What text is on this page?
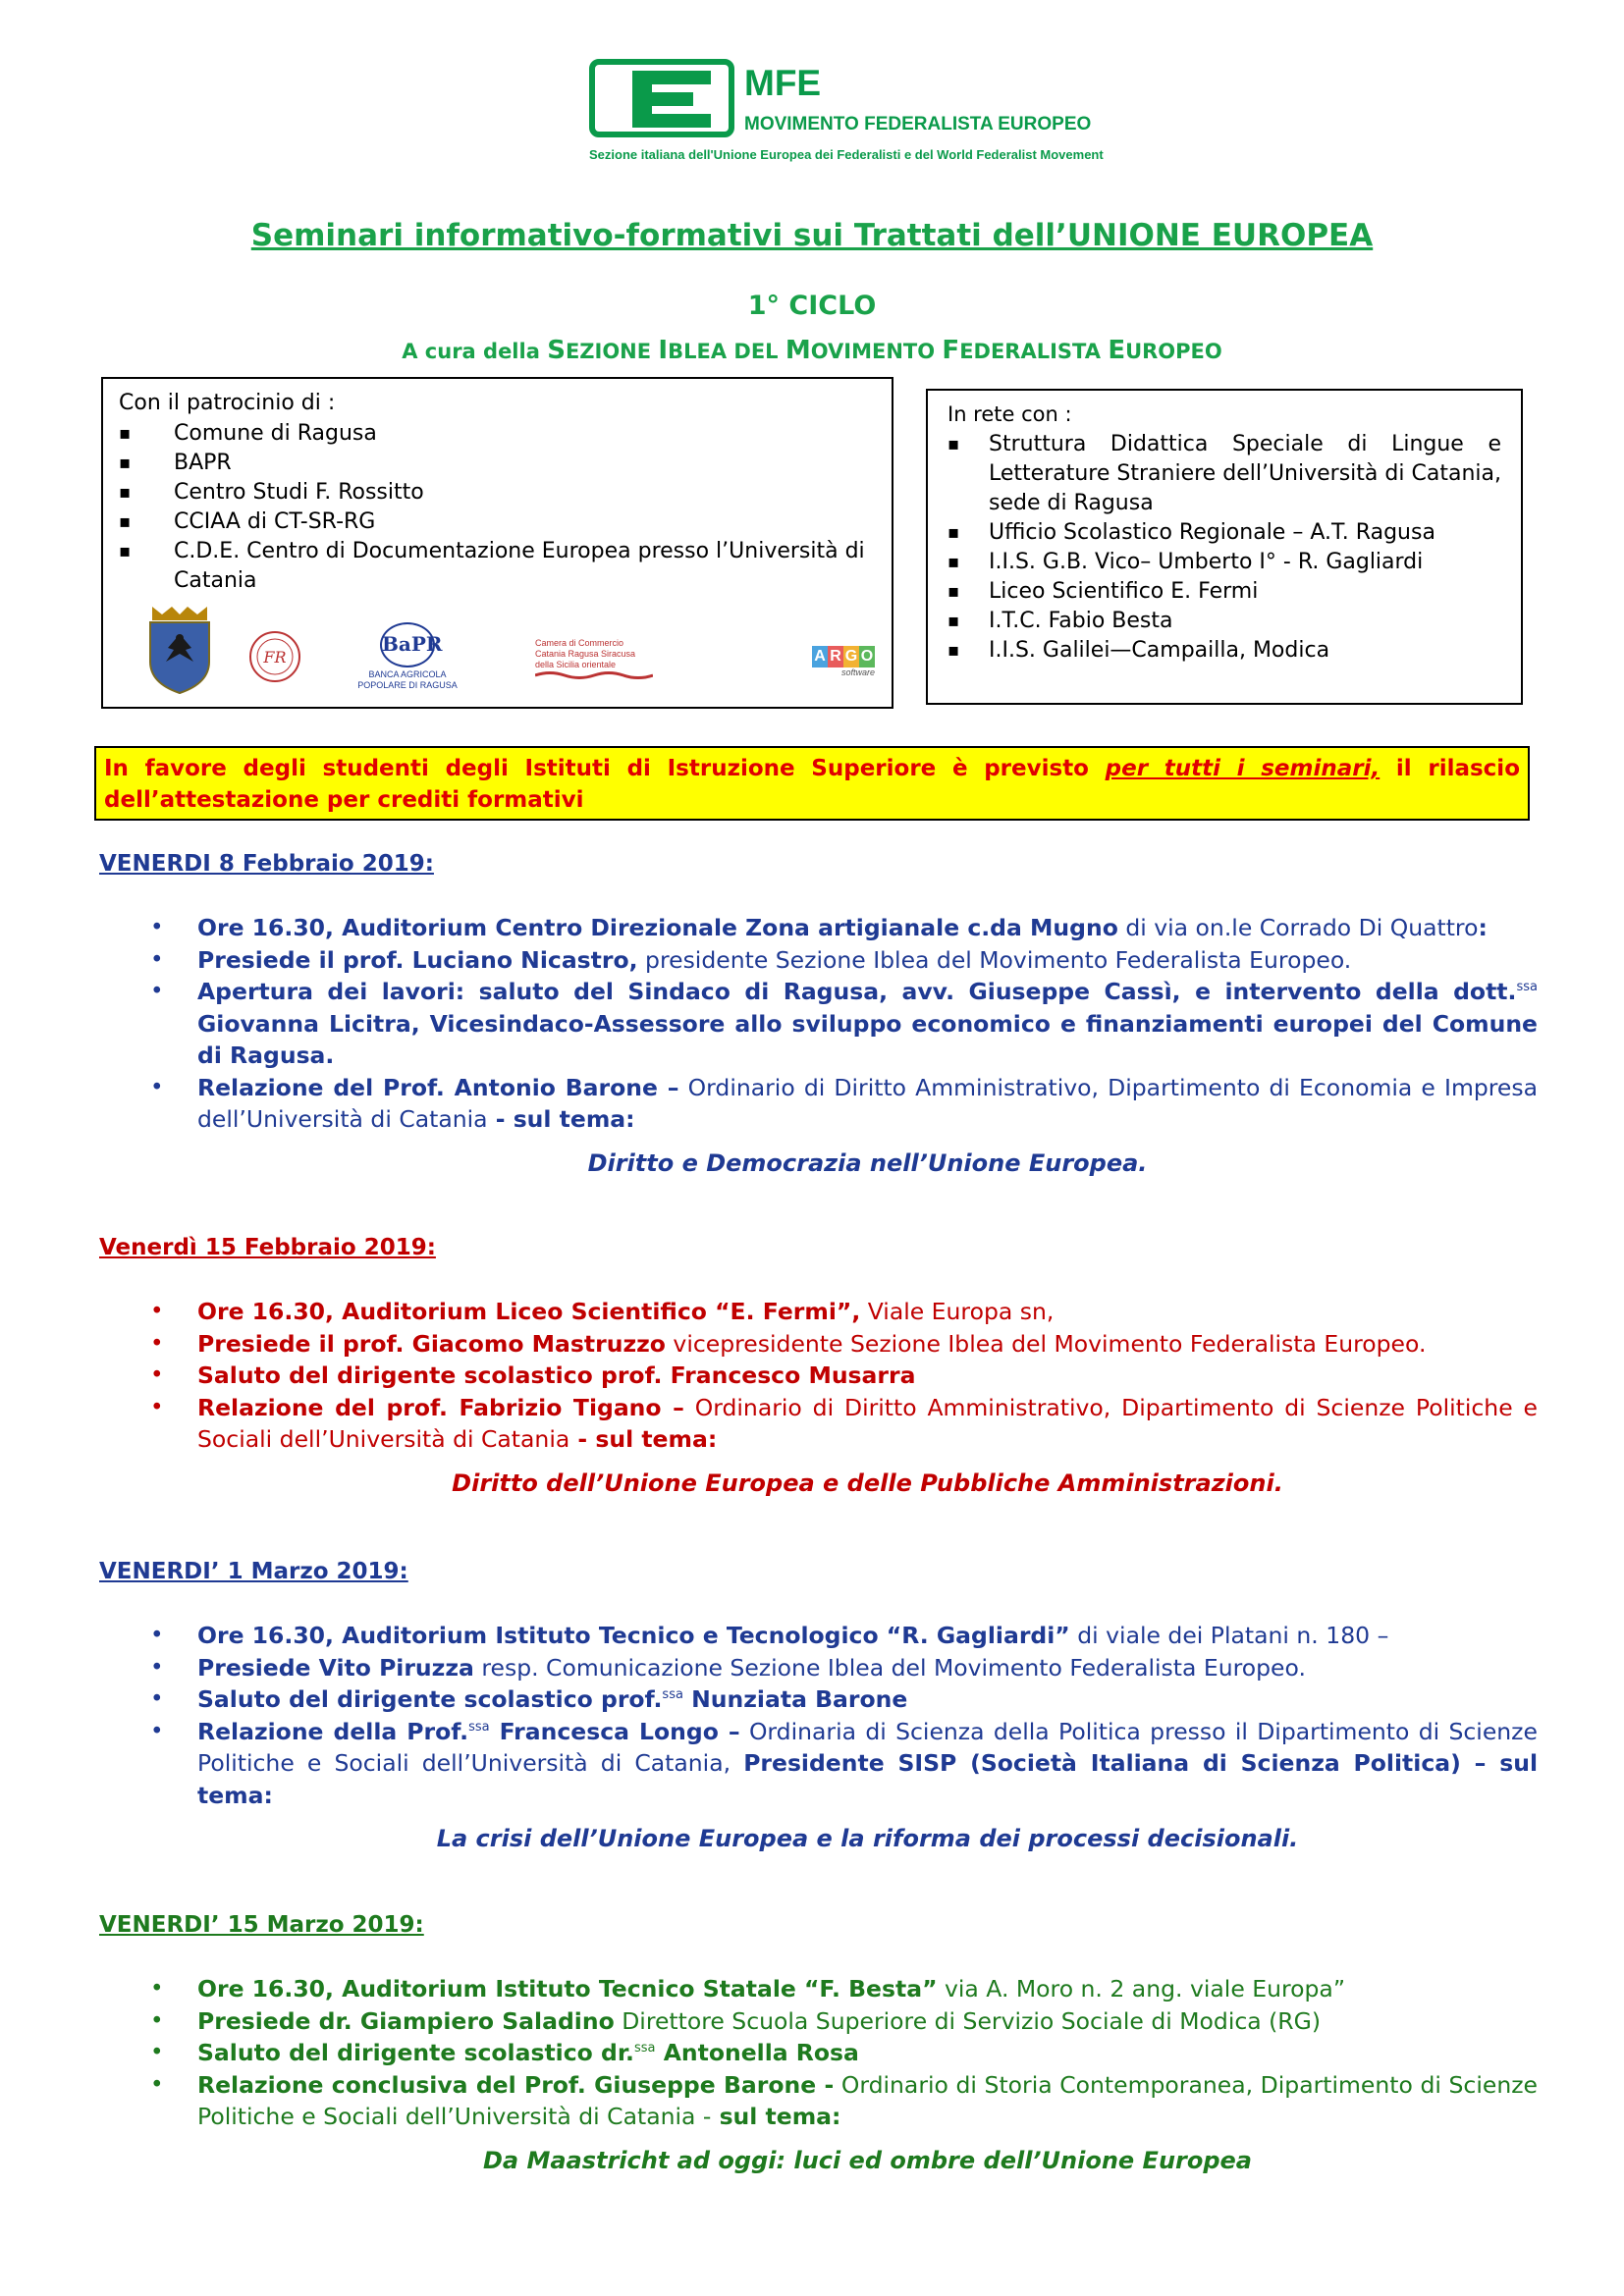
MFE
MOVIMENTO FEDERALISTA EUROPEO
Sezione italiana dell'Unione Europea dei Federalisti e del World Federalist Movement
Seminari informativo-formativi sui Trattati dell’UNIONE EUROPEA
1° CICLO
A cura della SEZIONE IBLEA DEL MOVIMENTO FEDERALISTA EUROPEO
Con il patrocinio di :
▪ Comune di Ragusa
▪ BAPR
▪ Centro Studi F. Rossitto
▪ CCIAA di CT-SR-RG
▪ C.D.E. Centro di Documentazione Europea presso l’Università di Catania
FR
BaPR
BANCA AGRICOLA POPOLARE DI RAGUSA
Camera di Commercio
Catania Ragusa Siracusa
della Sicilia orientale	A R G O
software
In rete con :
▪ Struttura Didattica Speciale di Lingue e Letterature Straniere dell’Università di Catania, sede di Ragusa
▪ Ufficio Scolastico Regionale – A.T. Ragusa
▪ I.I.S. G.B. Vico– Umberto I° - R. Gagliardi
▪ Liceo Scientifico E. Fermi
▪ I.T.C. Fabio Besta
▪ I.I.S. Galilei—Campailla, Modica
In favore degli studenti degli Istituti di Istruzione Superiore è previsto per tutti i seminari, il rilascio dell’attestazione per crediti formativi
VENERDI 8 Febbraio 2019:
• Ore 16.30, Auditorium Centro Direzionale Zona artigianale c.da Mugno di via on.le Corrado Di Quattro:
• Presiede il prof. Luciano Nicastro, presidente Sezione Iblea del Movimento Federalista Europeo.
• Apertura dei lavori: saluto del Sindaco di Ragusa, avv. Giuseppe Cassì, e intervento della dott.$^{ssa}$ Giovanna Licitra, Vicesindaco-Assessore allo sviluppo economico e finanziamenti europei del Comune di Ragusa.
• Relazione del Prof. Antonio Barone – Ordinario di Diritto Amministrativo, Dipartimento di Economia e Impresa dell’Università di Catania - sul tema:
Diritto e Democrazia nell’Unione Europea.
Venerdì 15 Febbraio 2019:
• Ore 16.30, Auditorium Liceo Scientifico “E. Fermi”, Viale Europa sn,
• Presiede il prof. Giacomo Mastruzzo vicepresidente Sezione Iblea del Movimento Federalista Europeo.
• Saluto del dirigente scolastico prof. Francesco Musarra
• Relazione del prof. Fabrizio Tigano – Ordinario di Diritto Amministrativo, Dipartimento di Scienze Politiche e Sociali dell’Università di Catania - sul tema:
Diritto dell’Unione Europea e delle Pubbliche Amministrazioni.
VENERDI’ 1 Marzo 2019:
• Ore 16.30, Auditorium Istituto Tecnico e Tecnologico “R. Gagliardi” di viale dei Platani n. 180 –
• Presiede Vito Piruzza resp. Comunicazione Sezione Iblea del Movimento Federalista Europeo.
• Saluto del dirigente scolastico prof.$^{ssa}$ Nunziata Barone
• Relazione della Prof.$^{ssa}$ Francesca Longo – Ordinaria di Scienza della Politica presso il Dipartimento di Scienze Politiche e Sociali dell’Università di Catania, Presidente SISP (Società Italiana di Scienza Politica) – sul tema:
La crisi dell’Unione Europea e la riforma dei processi decisionali.
VENERDI’ 15 Marzo 2019:
• Ore 16.30, Auditorium Istituto Tecnico Statale “F. Besta” via A. Moro n. 2 ang. viale Europa”
• Presiede dr. Giampiero Saladino Direttore Scuola Superiore di Servizio Sociale di Modica (RG)
• Saluto del dirigente scolastico dr.$^{ssa}$ Antonella Rosa
• Relazione conclusiva del Prof. Giuseppe Barone - Ordinario di Storia Contemporanea, Dipartimento di Scienze Politiche e Sociali dell’Università di Catania - sul tema:
Da Maastricht ad oggi: luci ed ombre dell’Unione Europea
